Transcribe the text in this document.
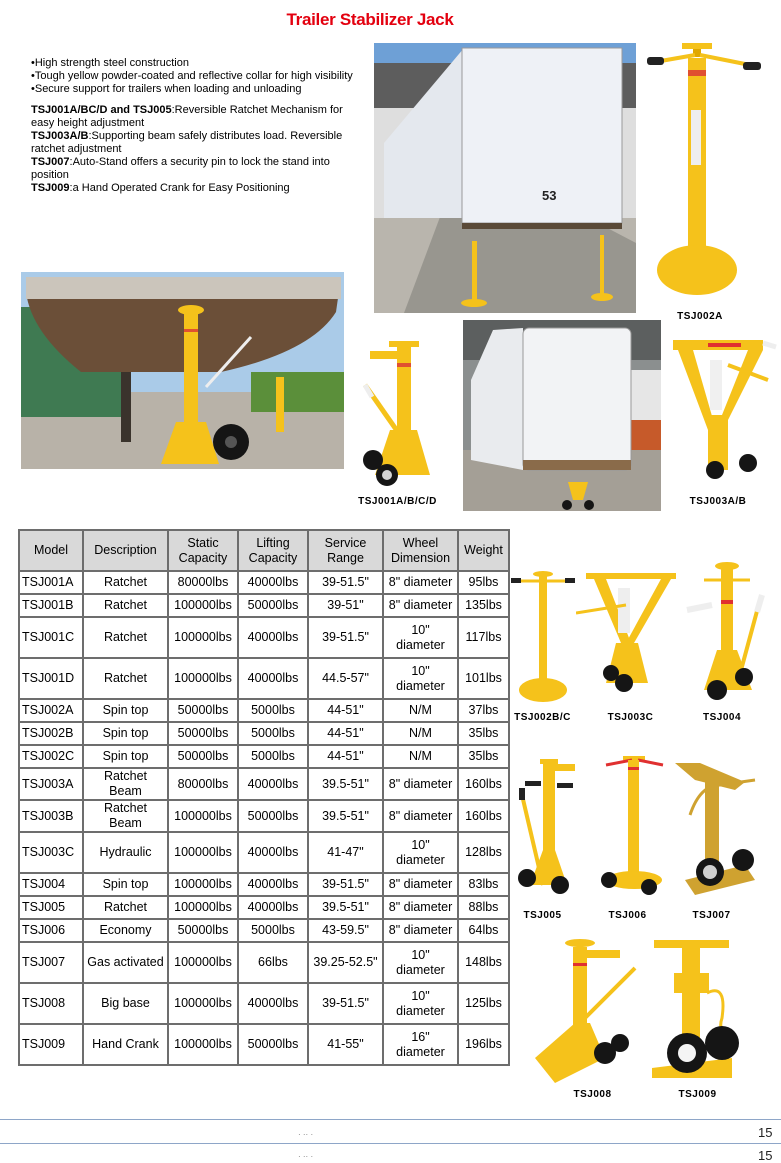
Trailer Stabilizer Jack

•High strength steel construction

•Tough yellow powder-coated and reflective collar for high visibility

•Secure support for trailers when loading and unloading

TSJ001A/BC/D and TSJ005:Reversible Ratchet Mechanism for easy height adjustment

TSJ003A/B:Supporting beam safely distributes load. Reversible ratchet adjustment

TSJ007:Auto-Stand offers a security pin to lock the stand into position

TSJ009:a Hand Operated Crank for Easy Positioning	53
TSJ002A
TSJ001A/B/C/D	TSJ003A/B
Model	Description	Static Capacity	Lifting Capacity	Service Range	Wheel Dimension	Weight
TSJ001A	Ratchet	80000lbs	40000lbs	39-51.5"	8" diameter	95lbs
TSJ001B	Ratchet	100000lbs	50000lbs	39-51"	8" diameter	135lbs
TSJ001C	Ratchet	100000lbs	40000lbs	39-51.5"	10"
diameter	117lbs
TSJ001D	Ratchet	100000lbs	40000lbs	44.5-57"	10"
diameter	101lbs
TSJ002A	Spin top	50000lbs	5000lbs	44-51"	N/M	37lbs
TSJ002B	Spin top	50000lbs	5000lbs	44-51"	N/M	35lbs
TSJ002C	Spin top	50000lbs	5000lbs	44-51"	N/M	35lbs
TSJ003A	Ratchet Beam	80000lbs	40000lbs	39.5-51"	8" diameter	160lbs
TSJ003B	Ratchet Beam	100000lbs	50000lbs	39.5-51"	8" diameter	160lbs
TSJ003C	Hydraulic	100000lbs	40000lbs	41-47"	10"
diameter	128lbs
TSJ004	Spin top	100000lbs	40000lbs	39-51.5"	8" diameter	83lbs
TSJ005	Ratchet	100000lbs	40000lbs	39.5-51"	8" diameter	88lbs
TSJ006	Economy	50000lbs	5000lbs	43-59.5"	8" diameter	64lbs
TSJ007	Gas activated	100000lbs	66lbs	39.25-52.5"	10"
diameter	148lbs
TSJ008	Big base	100000lbs	40000lbs	39-51.5"	10"
diameter	125lbs
TSJ009	Hand Crank	100000lbs	50000lbs	41-55"	16"
diameter	196lbs
TSJ002B/C	TSJ003C	TSJ004
TSJ005	TSJ006	TSJ007
TSJ008	TSJ009
· ·· ·	15
· ·· ·	15
